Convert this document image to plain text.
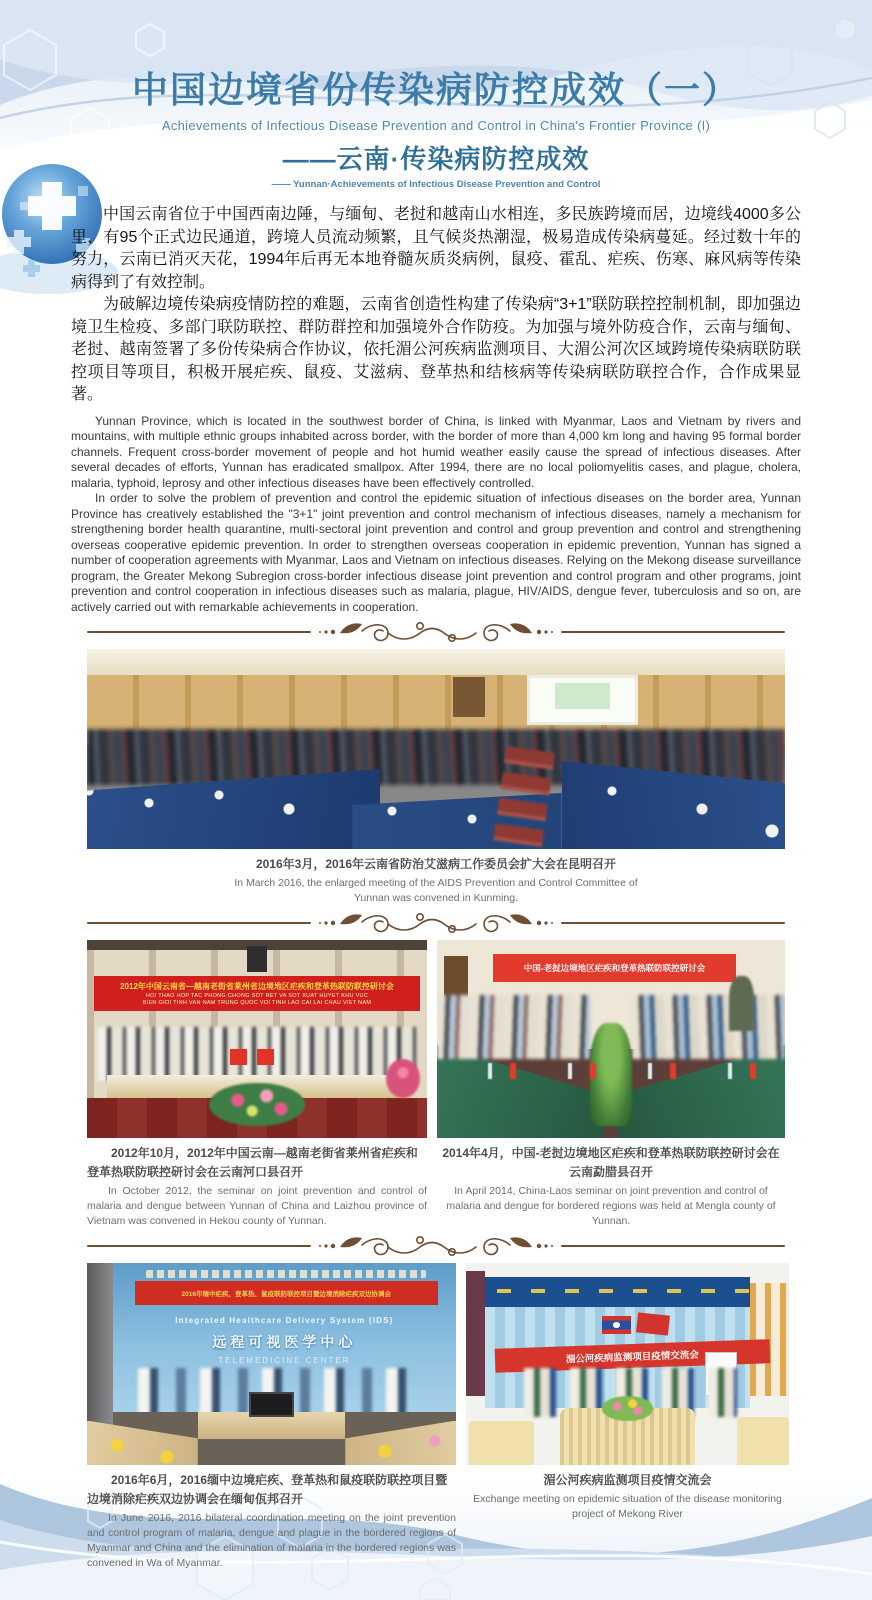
中国边境省份传染病防控成效（一）
Achievements of Infectious Disease Prevention and Control in China's Frontier Province (I)
——云南·传染病防控成效
—— Yunnan·Achievements of Infectious Disease Prevention and Control

中国云南省位于中国西南边陲，与缅甸、老挝和越南山水相连，多民族跨境而居，边境线4000多公里，有95个正式边民通道，跨境人员流动频繁，且气候炎热潮湿，极易造成传染病蔓延。经过数十年的努力，云南已消灭天花，1994年后再无本地脊髓灰质炎病例，鼠疫、霍乱、疟疾、伤寒、麻风病等传染病得到了有效控制。

为破解边境传染病疫情防控的难题，云南省创造性构建了传染病“3+1”联防联控控制机制，即加强边境卫生检疫、多部门联防联控、群防群控和加强境外合作防疫。为加强与境外防疫合作，云南与缅甸、老挝、越南签署了多份传染病合作协议，依托湄公河疾病监测项目、大湄公河次区域跨境传染病联防联控项目等项目，积极开展疟疾、鼠疫、艾滋病、登革热和结核病等传染病联防联控合作，合作成果显著。

Yunnan Province, which is located in the southwest border of China, is linked with Myanmar, Laos and Vietnam by rivers and mountains, with multiple ethnic groups inhabited across border, with the border of more than 4,000 km long and having 95 formal border channels. Frequent cross-border movement of people and hot humid weather easily cause the spread of infectious diseases. After several decades of efforts, Yunnan has eradicated smallpox. After 1994, there are no local poliomyelitis cases, and plague, cholera, malaria, typhoid, leprosy and other infectious diseases have been effectively controlled.

In order to solve the problem of prevention and control the epidemic situation of infectious diseases on the border area, Yunnan Province has creatively established the "3+1" joint prevention and control mechanism of infectious diseases, namely a mechanism for strengthening border health quarantine, multi-sectoral joint prevention and control and group prevention and control and strengthening overseas cooperative epidemic prevention. In order to strengthen overseas cooperation in epidemic prevention, Yunnan has signed a number of cooperation agreements with Myanmar, Laos and Vietnam on infectious diseases. Relying on the Mekong disease surveillance program, the Greater Mekong Subregion cross-border infectious disease joint prevention and control program and other programs, joint prevention and control cooperation in infectious diseases such as malaria, plague, HIV/AIDS, dengue fever, tuberculosis and so on, are actively carried out with remarkable achievements in cooperation.

2016年3月，2016年云南省防治艾滋病工作委员会扩大会在昆明召开
In March 2016, the enlarged meeting of the AIDS Prevention and Control Committee of Yunnan was convened in Kunming.
2012年中国云南省—越南老街省莱州省边境地区疟疾和登革热联防联控研讨会
HOI THAO HOP TAC PHONG CHONG SOT RET VA SOT XUAT HUYET KHU VUC
BIEN GIOI TINH VAN NAM TRUNG QUOC VOI TINH LAO CAI LAI CHAU VIET NAM
2012年10月，2012年中国云南—越南老街省莱州省疟疾和登革热联防联控研讨会在云南河口县召开
In October 2012, the seminar on joint prevention and control of malaria and dengue between Yunnan of China and Laizhou province of Vietnam was convened in Hekou county of Yunnan.
中国-老挝边境地区疟疾和登革热联防联控研讨会
2014年4月，中国-老挝边境地区疟疾和登革热联防联控研讨会在云南勐腊县召开
In April 2014, China-Laos seminar on joint prevention and control of malaria and dengue for bordered regions was held at Mengla county of Yunnan.
2016年缅中疟疾、登革热、鼠疫联防联控项目暨边境消除疟疾双边协调会
Integrated Healthcare Delivery System (IDS)
远程可视医学中心
TELEMEDICINE CENTER
2016年6月，2016缅中边境疟疾、登革热和鼠疫联防联控项目暨边境消除疟疾双边协调会在缅甸佤邦召开
In June 2016, 2016 bilateral coordination meeting on the joint prevention and control program of malaria, dengue and plague in the bordered regions of Myanmar and China and the elimination of malaria in the bordered regions was convened in Wa of Myanmar.
湄公河疾病监测项目疫情交流会
湄公河疾病监测项目疫情交流会
Exchange meeting on epidemic situation of the disease monitoring project of Mekong River
